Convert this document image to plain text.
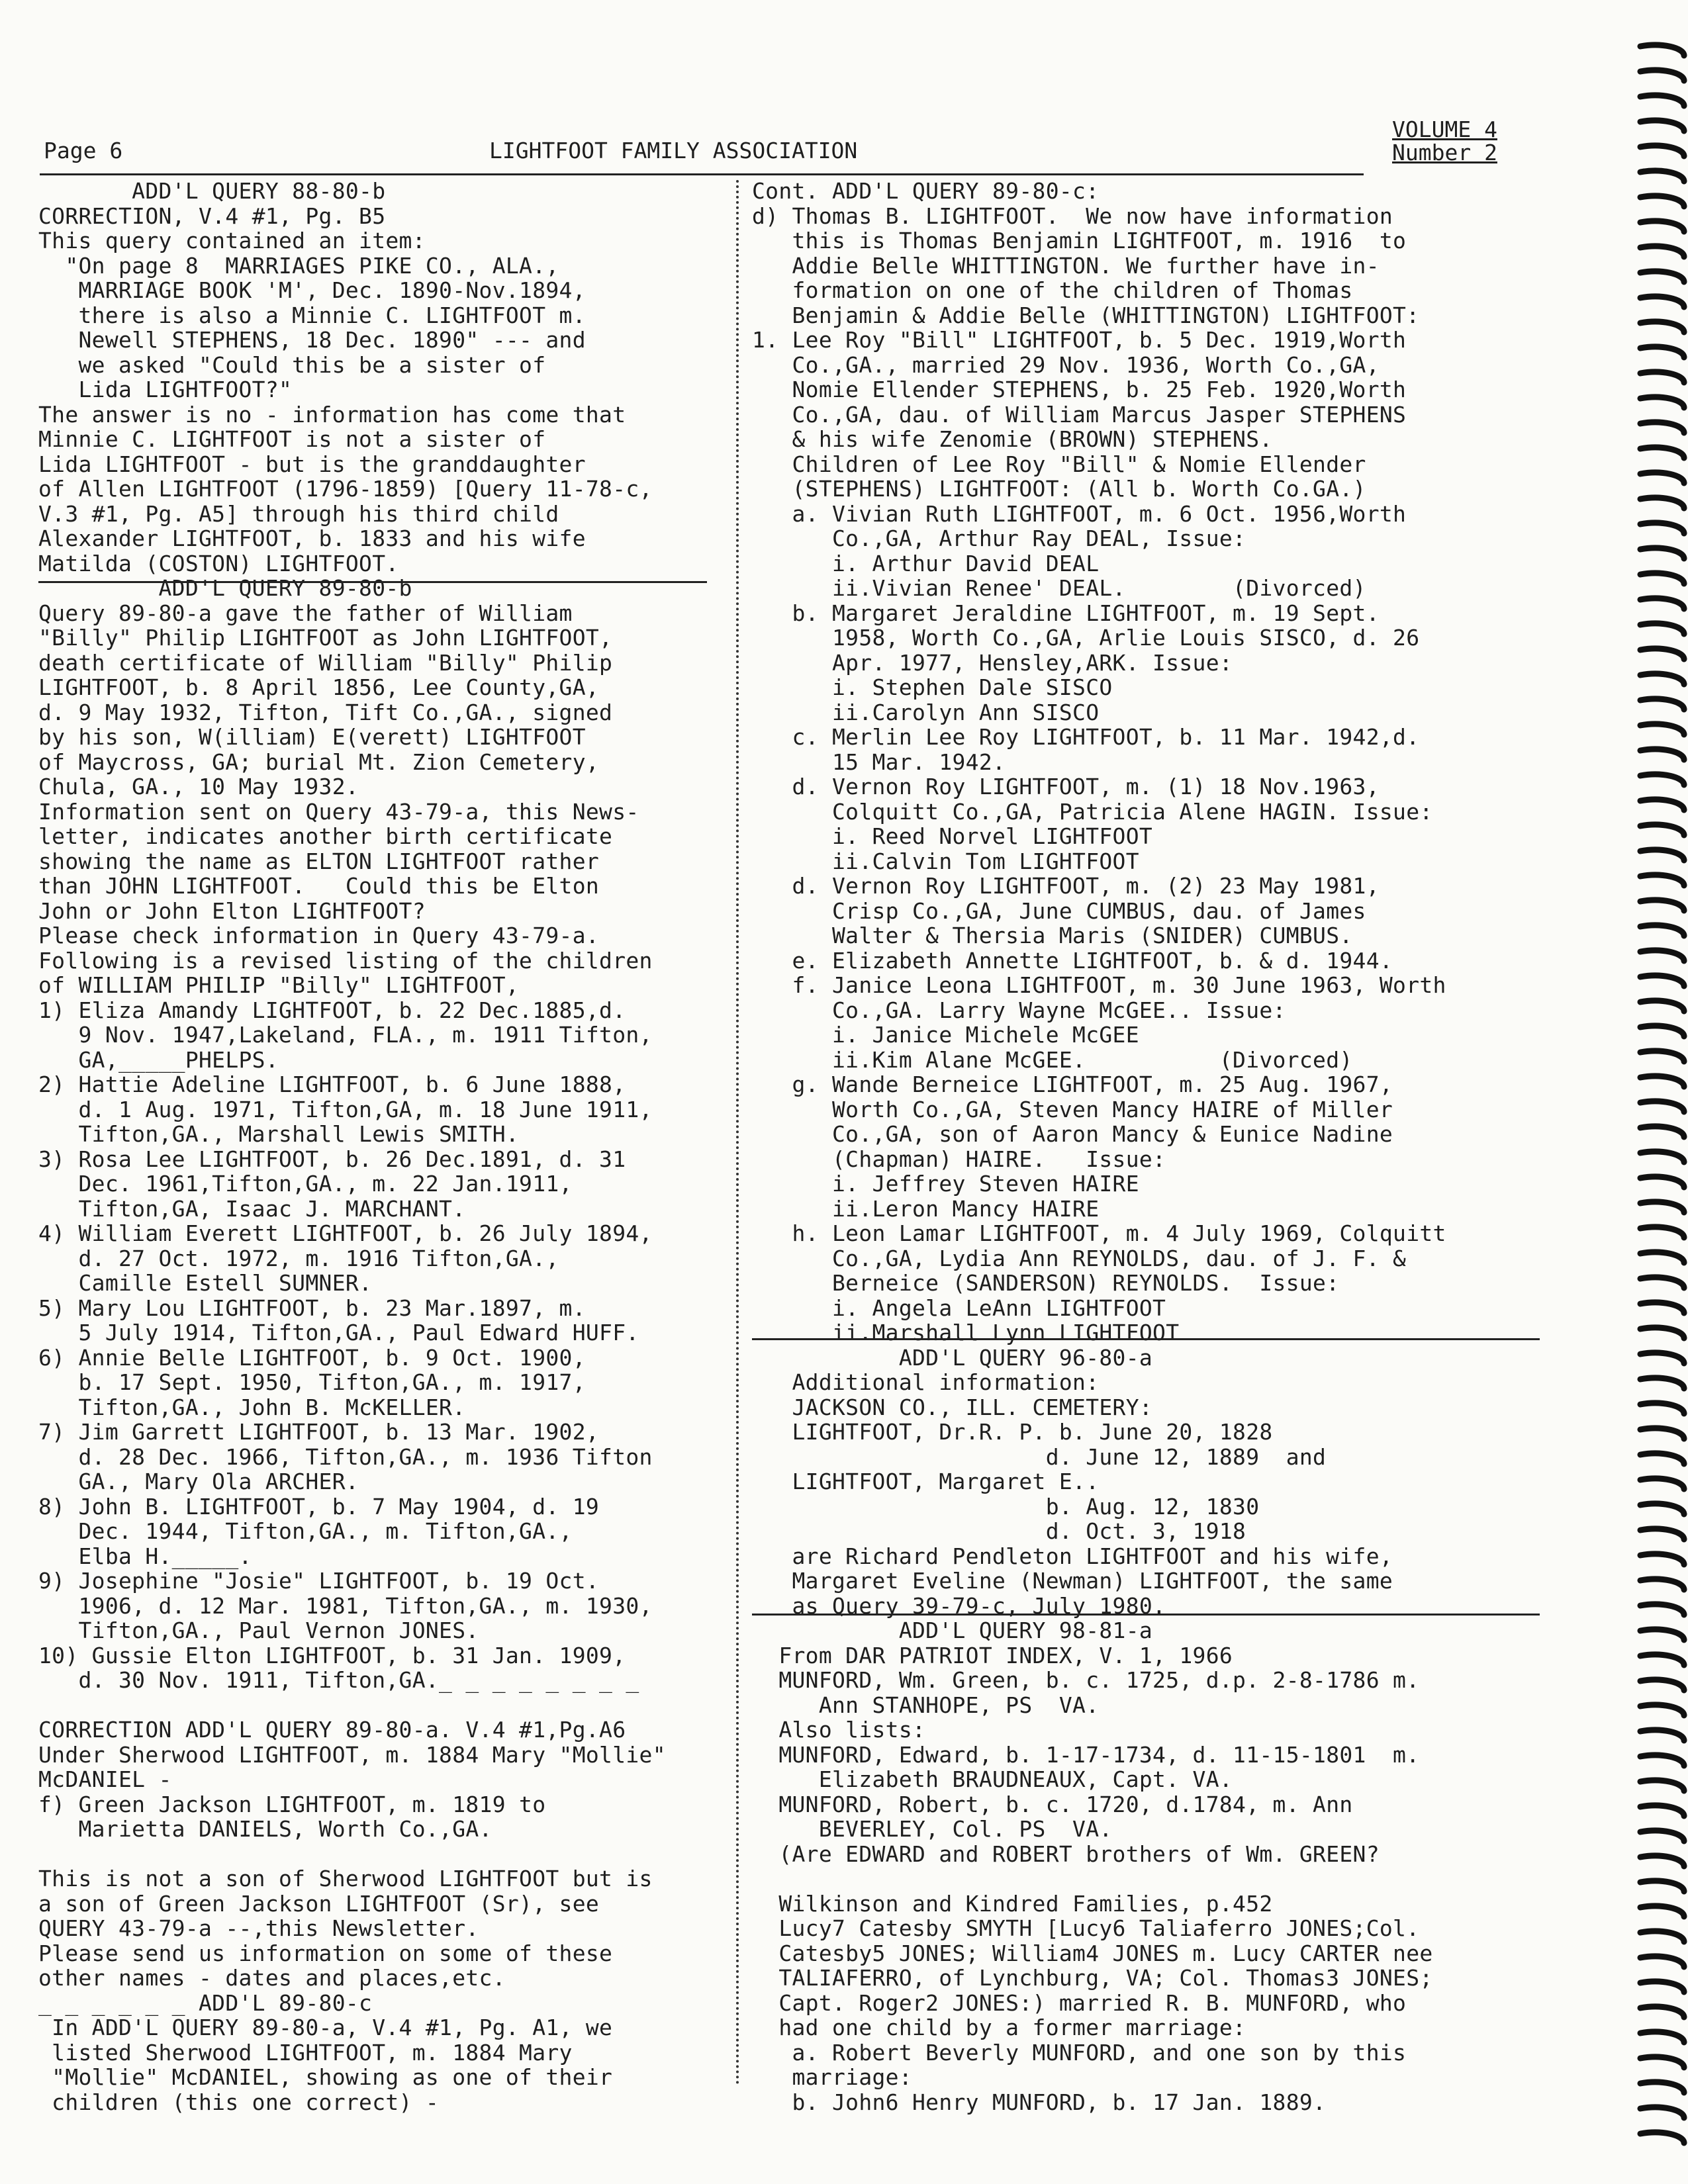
Page 6	LIGHTFOOT FAMILY ASSOCIATION
VOLUME 4
Number 2
ADD'L QUERY 88-80-b
CORRECTION, V.4 #1, Pg. B5
This query contained an item:
"On page 8  MARRIAGES PIKE CO., ALA.,
MARRIAGE BOOK 'M', Dec. 1890-Nov.1894,
there is also a Minnie C. LIGHTFOOT m.
Newell STEPHENS, 18 Dec. 1890" --- and
we asked "Could this be a sister of
Lida LIGHTFOOT?"
The answer is no - information has come that
Minnie C. LIGHTFOOT is not a sister of
Lida LIGHTFOOT - but is the granddaughter
of Allen LIGHTFOOT (1796-1859) [Query 11-78-c,
V.3 #1, Pg. A5] through his third child
Alexander LIGHTFOOT, b. 1833 and his wife
Matilda (COSTON) LIGHTFOOT.
ADD'L QUERY 89-80-b
Query 89-80-a gave the father of William
"Billy" Philip LIGHTFOOT as John LIGHTFOOT,
death certificate of William "Billy" Philip
LIGHTFOOT, b. 8 April 1856, Lee County,GA,
d. 9 May 1932, Tifton, Tift Co.,GA., signed
by his son, W(illiam) E(verett) LIGHTFOOT
of Maycross, GA; burial Mt. Zion Cemetery,
Chula, GA., 10 May 1932.
Information sent on Query 43-79-a, this News-
letter, indicates another birth certificate
showing the name as ELTON LIGHTFOOT rather
than JOHN LIGHTFOOT.   Could this be Elton
John or John Elton LIGHTFOOT?
Please check information in Query 43-79-a.
Following is a revised listing of the children
of WILLIAM PHILIP "Billy" LIGHTFOOT,
1) Eliza Amandy LIGHTFOOT, b. 22 Dec.1885,d.
9 Nov. 1947,Lakeland, FLA., m. 1911 Tifton,
GA,_____PHELPS.
2) Hattie Adeline LIGHTFOOT, b. 6 June 1888,
d. 1 Aug. 1971, Tifton,GA, m. 18 June 1911,
Tifton,GA., Marshall Lewis SMITH.
3) Rosa Lee LIGHTFOOT, b. 26 Dec.1891, d. 31
Dec. 1961,Tifton,GA., m. 22 Jan.1911,
Tifton,GA, Isaac J. MARCHANT.
4) William Everett LIGHTFOOT, b. 26 July 1894,
d. 27 Oct. 1972, m. 1916 Tifton,GA.,
Camille Estell SUMNER.
5) Mary Lou LIGHTFOOT, b. 23 Mar.1897, m.
5 July 1914, Tifton,GA., Paul Edward HUFF.
6) Annie Belle LIGHTFOOT, b. 9 Oct. 1900,
b. 17 Sept. 1950, Tifton,GA., m. 1917,
Tifton,GA., John B. McKELLER.
7) Jim Garrett LIGHTFOOT, b. 13 Mar. 1902,
d. 28 Dec. 1966, Tifton,GA., m. 1936 Tifton
GA., Mary Ola ARCHER.
8) John B. LIGHTFOOT, b. 7 May 1904, d. 19
Dec. 1944, Tifton,GA., m. Tifton,GA.,
Elba H._____.
9) Josephine "Josie" LIGHTFOOT, b. 19 Oct.
1906, d. 12 Mar. 1981, Tifton,GA., m. 1930,
Tifton,GA., Paul Vernon JONES.
10) Gussie Elton LIGHTFOOT, b. 31 Jan. 1909,
d. 30 Nov. 1911, Tifton,GA._ _ _ _ _ _ _ _
CORRECTION ADD'L QUERY 89-80-a. V.4 #1,Pg.A6
Under Sherwood LIGHTFOOT, m. 1884 Mary "Mollie"
McDANIEL -
f) Green Jackson LIGHTFOOT, m. 1819 to
Marietta DANIELS, Worth Co.,GA.
This is not a son of Sherwood LIGHTFOOT but is
a son of Green Jackson LIGHTFOOT (Sr), see
QUERY 43-79-a --,this Newsletter.
Please send us information on some of these
other names - dates and places,etc.
_ _ _ _ _ _ ADD'L 89-80-c
In ADD'L QUERY 89-80-a, V.4 #1, Pg. A1, we
listed Sherwood LIGHTFOOT, m. 1884 Mary
"Mollie" McDANIEL, showing as one of their
children (this one correct) -
Cont. ADD'L QUERY 89-80-c:
d) Thomas B. LIGHTFOOT.  We now have information
this is Thomas Benjamin LIGHTFOOT, m. 1916  to
Addie Belle WHITTINGTON. We further have in-
formation on one of the children of Thomas
Benjamin & Addie Belle (WHITTINGTON) LIGHTFOOT:
1. Lee Roy "Bill" LIGHTFOOT, b. 5 Dec. 1919,Worth
Co.,GA., married 29 Nov. 1936, Worth Co.,GA,
Nomie Ellender STEPHENS, b. 25 Feb. 1920,Worth
Co.,GA, dau. of William Marcus Jasper STEPHENS
& his wife Zenomie (BROWN) STEPHENS.
Children of Lee Roy "Bill" & Nomie Ellender
(STEPHENS) LIGHTFOOT: (All b. Worth Co.GA.)
a. Vivian Ruth LIGHTFOOT, m. 6 Oct. 1956,Worth
Co.,GA, Arthur Ray DEAL, Issue:
i. Arthur David DEAL
ii.Vivian Renee' DEAL.        (Divorced)
b. Margaret Jeraldine LIGHTFOOT, m. 19 Sept.
1958, Worth Co.,GA, Arlie Louis SISCO, d. 26
Apr. 1977, Hensley,ARK. Issue:
i. Stephen Dale SISCO
ii.Carolyn Ann SISCO
c. Merlin Lee Roy LIGHTFOOT, b. 11 Mar. 1942,d.
15 Mar. 1942.
d. Vernon Roy LIGHTFOOT, m. (1) 18 Nov.1963,
Colquitt Co.,GA, Patricia Alene HAGIN. Issue:
i. Reed Norvel LIGHTFOOT
ii.Calvin Tom LIGHTFOOT
d. Vernon Roy LIGHTFOOT, m. (2) 23 May 1981,
Crisp Co.,GA, June CUMBUS, dau. of James
Walter & Thersia Maris (SNIDER) CUMBUS.
e. Elizabeth Annette LIGHTFOOT, b. & d. 1944.
f. Janice Leona LIGHTFOOT, m. 30 June 1963, Worth
Co.,GA. Larry Wayne McGEE.. Issue:
i. Janice Michele McGEE
ii.Kim Alane McGEE.          (Divorced)
g. Wande Berneice LIGHTFOOT, m. 25 Aug. 1967,
Worth Co.,GA, Steven Mancy HAIRE of Miller
Co.,GA, son of Aaron Mancy & Eunice Nadine
(Chapman) HAIRE.   Issue:
i. Jeffrey Steven HAIRE
ii.Leron Mancy HAIRE
h. Leon Lamar LIGHTFOOT, m. 4 July 1969, Colquitt
Co.,GA, Lydia Ann REYNOLDS, dau. of J. F. &
Berneice (SANDERSON) REYNOLDS.  Issue:
i. Angela LeAnn LIGHTFOOT
ii.Marshall Lynn LIGHTFOOT
ADD'L QUERY 96-80-a
Additional information:
JACKSON CO., ILL. CEMETERY:
LIGHTFOOT, Dr.R. P. b. June 20, 1828
d. June 12, 1889  and
LIGHTFOOT, Margaret E..
b. Aug. 12, 1830
d. Oct. 3, 1918
are Richard Pendleton LIGHTFOOT and his wife,
Margaret Eveline (Newman) LIGHTFOOT, the same
as Query 39-79-c, July 1980.
ADD'L QUERY 98-81-a
From DAR PATRIOT INDEX, V. 1, 1966
MUNFORD, Wm. Green, b. c. 1725, d.p. 2-8-1786 m.
Ann STANHOPE, PS  VA.
Also lists:
MUNFORD, Edward, b. 1-17-1734, d. 11-15-1801  m.
Elizabeth BRAUDNEAUX, Capt. VA.
MUNFORD, Robert, b. c. 1720, d.1784, m. Ann
BEVERLEY, Col. PS  VA.
(Are EDWARD and ROBERT brothers of Wm. GREEN?
Wilkinson and Kindred Families, p.452
Lucy7 Catesby SMYTH [Lucy6 Taliaferro JONES;Col.
Catesby5 JONES; William4 JONES m. Lucy CARTER nee
TALIAFERRO, of Lynchburg, VA; Col. Thomas3 JONES;
Capt. Roger2 JONES:) married R. B. MUNFORD, who
had one child by a former marriage:
a. Robert Beverly MUNFORD, and one son by this
marriage:
b. John6 Henry MUNFORD, b. 17 Jan. 1889.
